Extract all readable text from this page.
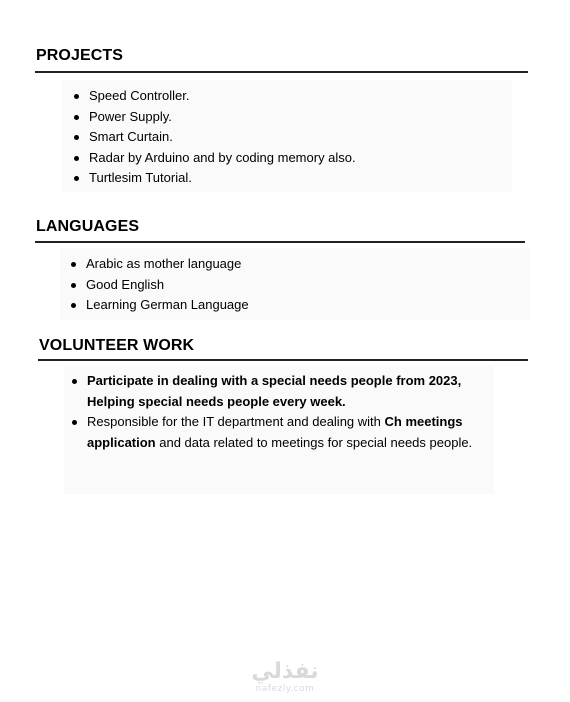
PROJECTS
Speed Controller.
Power Supply.
Smart Curtain.
Radar by Arduino and by coding memory also.
Turtlesim Tutorial.
LANGUAGES
Arabic as mother language
Good English
Learning German Language
VOLUNTEER WORK
Participate in dealing with a special needs people from 2023, Helping special needs people every week.
Responsible for the IT department and dealing with Ch meetings application and data related to meetings for special needs people.
نفذلي
nafezly.com
